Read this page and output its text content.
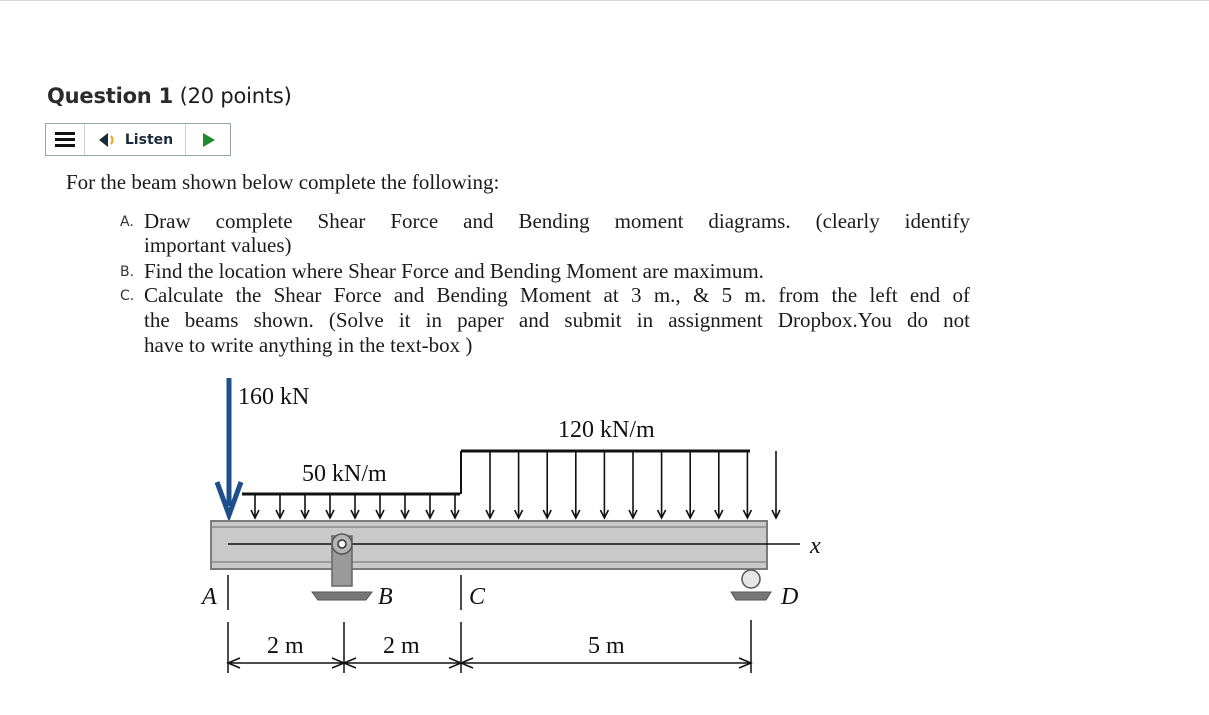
Question 1 (20 points)
Listen
For the beam shown below complete the following:
A. Draw complete Shear Force and Bending moment diagrams. (clearly identify
important values)
B. Find the location where Shear Force and Bending Moment are maximum.
C. Calculate the Shear Force and Bending Moment at 3 m., & 5 m. from the left end of
the beams shown. (Solve it in paper and submit in assignment Dropbox.You do not
have to write anything in the text-box )
160 kN
50 kN/m
120 kN/m
x
A	B	C	D
2 m	2 m	5 m
